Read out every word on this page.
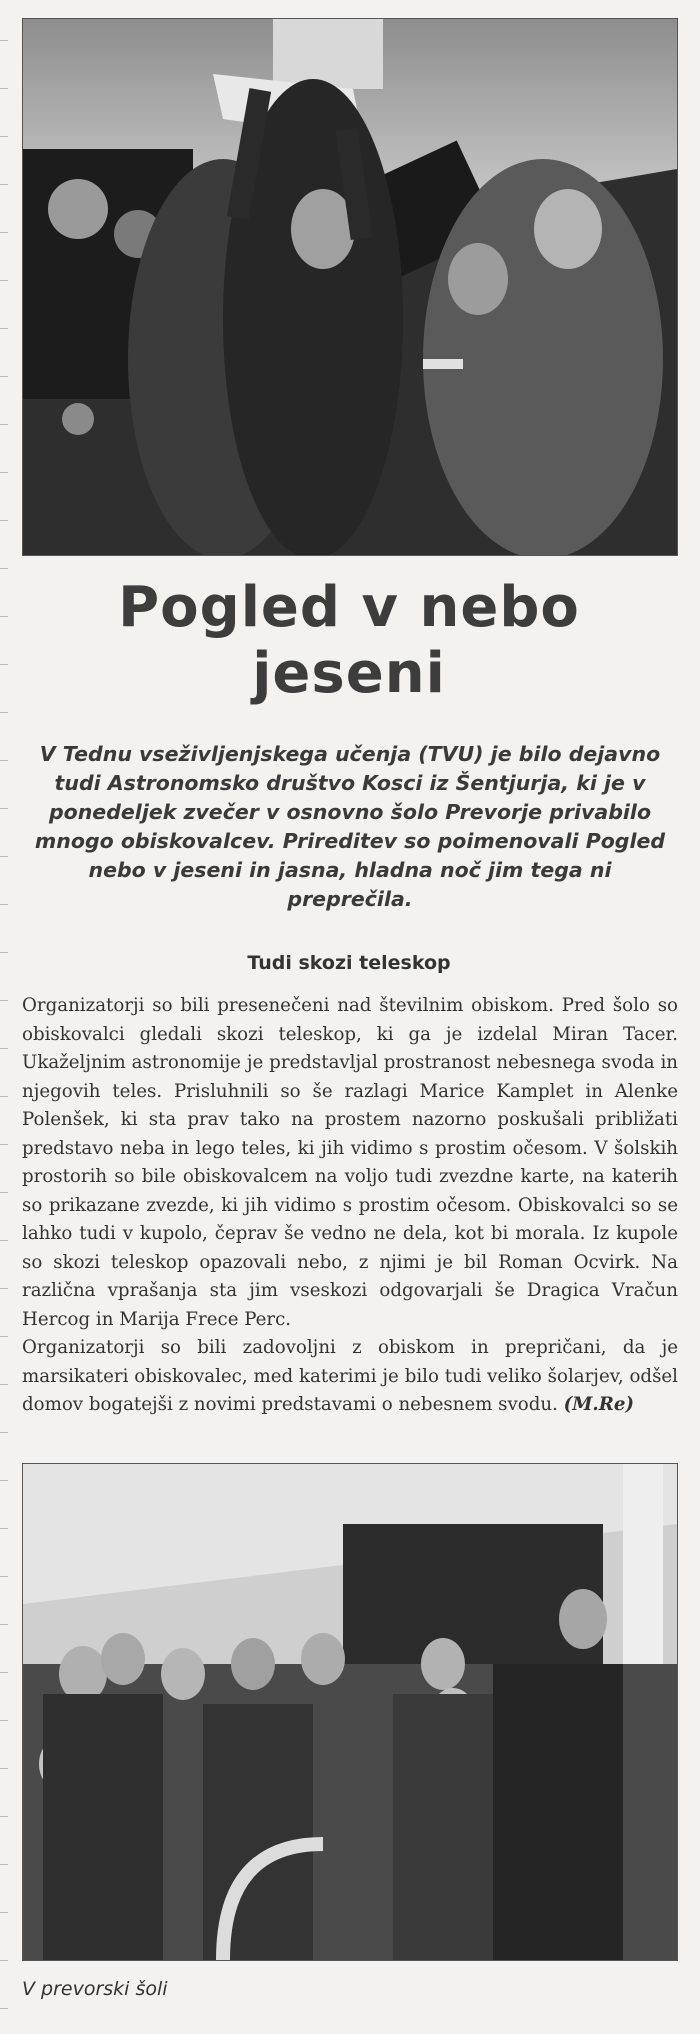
Pogled v nebo
jeseni

V Tednu vseživljenjskega učenja (TVU) je bilo dejavno tudi Astronomsko društvo Kosci iz Šentjurja, ki je v ponedeljek zvečer v osnovno šolo Prevorje privabilo mnogo obiskovalcev. Prireditev so poimenovali Pogled nebo v jeseni in jasna, hladna noč jim tega ni preprečila.

Tudi skozi teleskop

Organizatorji so bili presenečeni nad številnim obiskom. Pred šolo so obiskovalci gledali skozi teleskop, ki ga je izdelal Miran Tacer. Ukaželjnim astronomije je predstavljal prostranost nebesnega svoda in njegovih teles. Prisluhnili so še razlagi Marice Kamplet in Alenke Polenšek, ki sta prav tako na prostem nazorno poskušali približati predstavo neba in lego teles, ki jih vidimo s prostim očesom. V šolskih prostorih so bile obiskovalcem na voljo tudi zvezdne karte, na katerih so prikazane zvezde, ki jih vidimo s prostim očesom. Obiskovalci so se lahko tudi v kupolo, čeprav še vedno ne dela, kot bi morala. Iz kupole so skozi teleskop opazovali nebo, z njimi je bil Roman Ocvirk. Na različna vprašanja sta jim vseskozi odgovarjali še Dragica Vračun Hercog in Marija Frece Perc.

Organizatorji so bili zadovoljni z obiskom in prepričani, da je marsikateri obiskovalec, med katerimi je bilo tudi veliko šolarjev, odšel domov bogatejši z novimi predstavami o nebesnem svodu. (M.Re)

V prevorski šoli
